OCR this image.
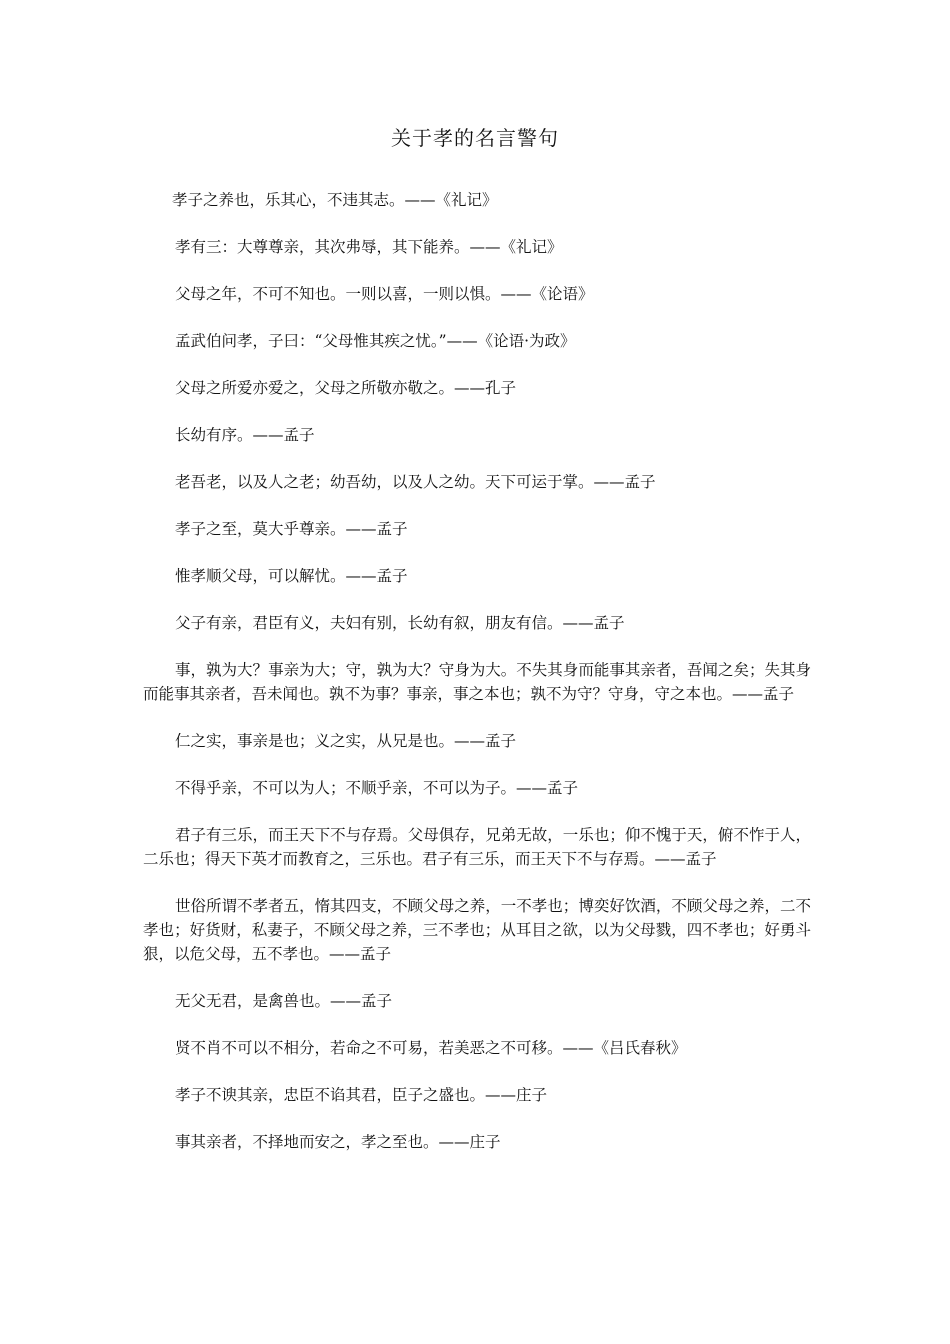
关于孝的名言警句

孝子之养也，乐其心，不违其志。——《礼记》

孝有三：大尊尊亲，其次弗辱，其下能养。——《礼记》

父母之年，不可不知也。一则以喜，一则以惧。——《论语》

孟武伯问孝，子曰：“父母惟其疾之忧。”——《论语·为政》

父母之所爱亦爱之，父母之所敬亦敬之。——孔子

长幼有序。——孟子

老吾老，以及人之老；幼吾幼，以及人之幼。天下可运于掌。——孟子

孝子之至，莫大乎尊亲。——孟子

惟孝顺父母，可以解忧。——孟子

父子有亲，君臣有义，夫妇有别，长幼有叙，朋友有信。——孟子

事，孰为大？事亲为大；守，孰为大？守身为大。不失其身而能事其亲者，吾闻之矣；失其身而能事其亲者，吾未闻也。孰不为事？事亲，事之本也；孰不为守？守身，守之本也。——孟子

仁之实，事亲是也；义之实，从兄是也。——孟子

不得乎亲，不可以为人；不顺乎亲，不可以为子。——孟子

君子有三乐，而王天下不与存焉。父母俱存，兄弟无故，一乐也；仰不愧于天，俯不怍于人，二乐也；得天下英才而教育之，三乐也。君子有三乐，而王天下不与存焉。——孟子

世俗所谓不孝者五，惰其四支，不顾父母之养，一不孝也；博奕好饮酒，不顾父母之养，二不孝也；好货财，私妻子，不顾父母之养，三不孝也；从耳目之欲，以为父母戮，四不孝也；好勇斗狠，以危父母，五不孝也。——孟子

无父无君，是禽兽也。——孟子

贤不肖不可以不相分，若命之不可易，若美恶之不可移。——《吕氏春秋》

孝子不谀其亲，忠臣不谄其君，臣子之盛也。——庄子

事其亲者，不择地而安之，孝之至也。——庄子
